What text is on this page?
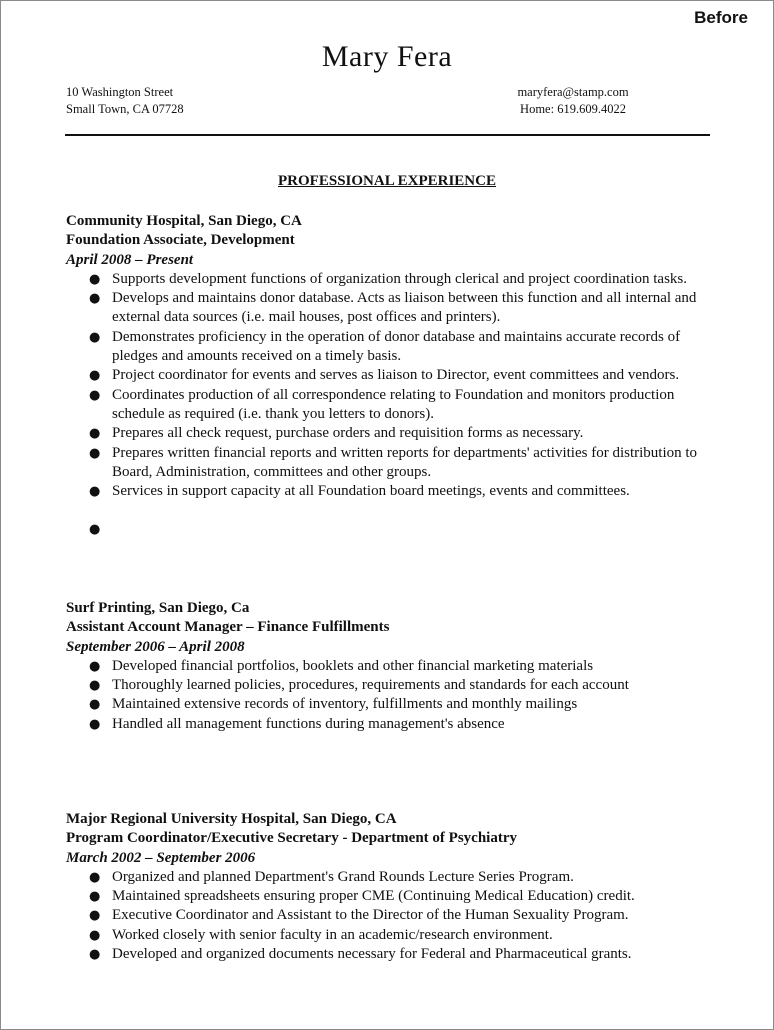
Before
Mary Fera
10 Washington Street
Small Town, CA 07728
maryfera@stamp.com
Home: 619.609.4022
PROFESSIONAL EXPERIENCE
Community Hospital, San Diego, CA
Foundation Associate, Development
April 2008 – Present
● Supports development functions of organization through clerical and project coordination tasks.
● Develops and maintains donor database. Acts as liaison between this function and all internal and external data sources (i.e. mail houses, post offices and printers).
● Demonstrates proficiency in the operation of donor database and maintains accurate records of pledges and amounts received on a timely basis.
● Project coordinator for events and serves as liaison to Director, event committees and vendors.
● Coordinates production of all correspondence relating to Foundation and monitors production schedule as required (i.e. thank you letters to donors).
● Prepares all check request, purchase orders and requisition forms as necessary.
● Prepares written financial reports and written reports for departments' activities for distribution to Board, Administration, committees and other groups.
● Services in support capacity at all Foundation board meetings, events and committees.
●
Surf Printing, San Diego, Ca
Assistant Account Manager – Finance Fulfillments
September 2006 – April 2008
● Developed financial portfolios, booklets and other financial marketing materials
● Thoroughly learned policies, procedures, requirements and standards for each account
● Maintained extensive records of inventory, fulfillments and monthly mailings
● Handled all management functions during management's absence
Major Regional University Hospital, San Diego, CA
Program Coordinator/Executive Secretary - Department of Psychiatry
March 2002 – September 2006
● Organized and planned Department's Grand Rounds Lecture Series Program.
● Maintained spreadsheets ensuring proper CME (Continuing Medical Education) credit.
● Executive Coordinator and Assistant to the Director of the Human Sexuality Program.
● Worked closely with senior faculty in an academic/research environment.
● Developed and organized documents necessary for Federal and Pharmaceutical grants.
